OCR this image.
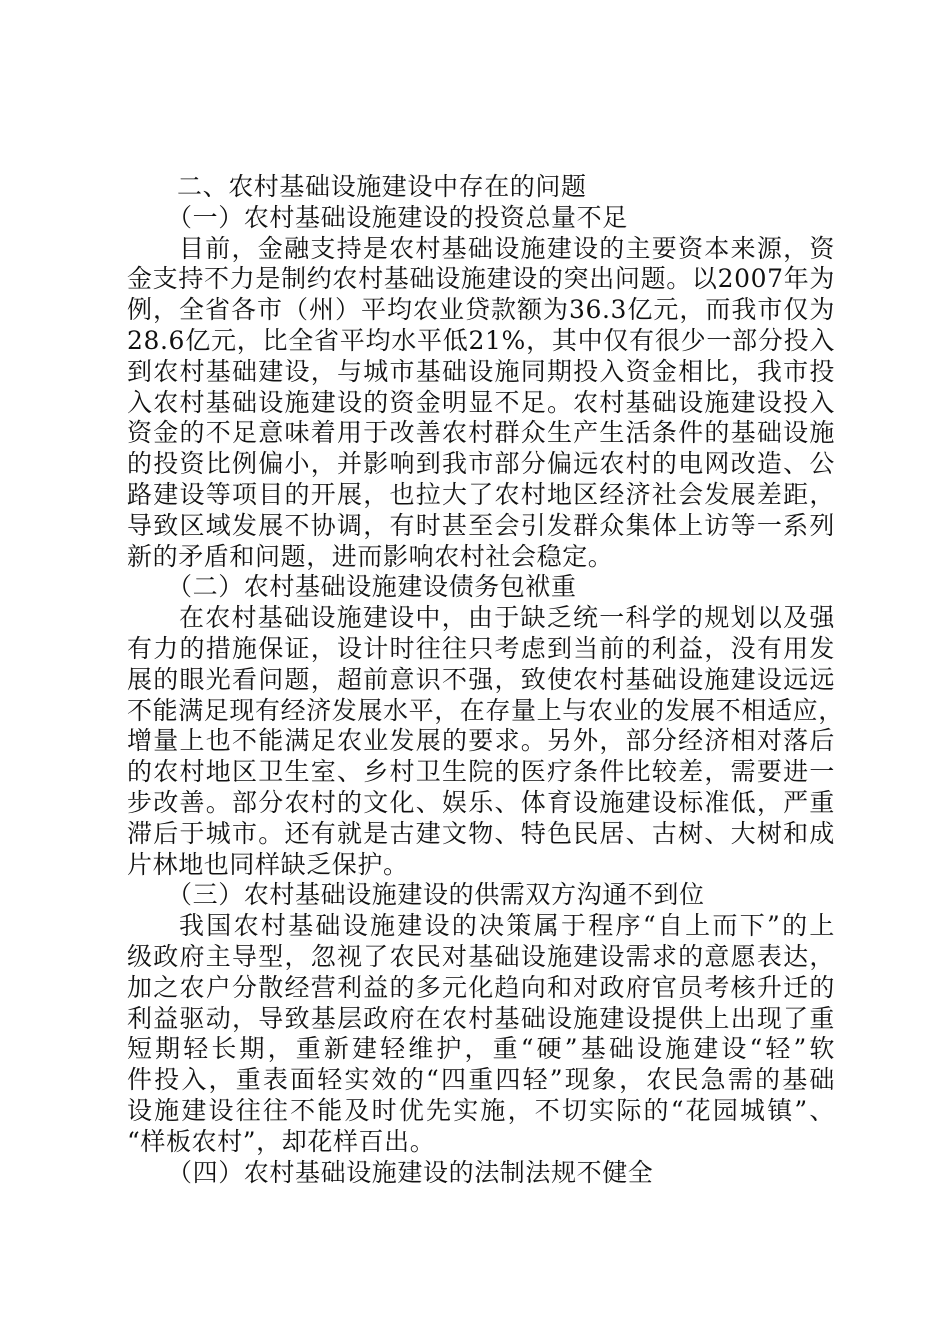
二、农村基础设施建设中存在的问题

（一）农村基础设施建设的投资总量不足

目前，金融支持是农村基础设施建设的主要资本来源，资
金支持不力是制约农村基础设施建设的突出问题。以2007年为
例，全省各市（州）平均农业贷款额为36.3亿元，而我市仅为
28.6亿元，比全省平均水平低21%，其中仅有很少一部分投入
到农村基础建设，与城市基础设施同期投入资金相比，我市投
入农村基础设施建设的资金明显不足。农村基础设施建设投入
资金的不足意味着用于改善农村群众生产生活条件的基础设施
的投资比例偏小，并影响到我市部分偏远农村的电网改造、公
路建设等项目的开展，也拉大了农村地区经济社会发展差距，
导致区域发展不协调，有时甚至会引发群众集体上访等一系列
新的矛盾和问题，进而影响农村社会稳定。

（二）农村基础设施建设债务包袱重

在农村基础设施建设中，由于缺乏统一科学的规划以及强
有力的措施保证，设计时往往只考虑到当前的利益，没有用发
展的眼光看问题，超前意识不强，致使农村基础设施建设远远
不能满足现有经济发展水平，在存量上与农业的发展不相适应，
增量上也不能满足农业发展的要求。另外，部分经济相对落后
的农村地区卫生室、乡村卫生院的医疗条件比较差，需要进一
步改善。部分农村的文化、娱乐、体育设施建设标准低，严重
滞后于城市。还有就是古建文物、特色民居、古树、大树和成
片林地也同样缺乏保护。

（三）农村基础设施建设的供需双方沟通不到位

我国农村基础设施建设的决策属于程序“自上而下”的上
级政府主导型，忽视了农民对基础设施建设需求的意愿表达，
加之农户分散经营利益的多元化趋向和对政府官员考核升迁的
利益驱动，导致基层政府在农村基础设施建设提供上出现了重
短期轻长期，重新建轻维护，重“硬”基础设施建设“轻”软
件投入，重表面轻实效的“四重四轻”现象，农民急需的基础
设施建设往往不能及时优先实施，不切实际的“花园城镇”、
“样板农村”，却花样百出。

（四）农村基础设施建设的法制法规不健全
